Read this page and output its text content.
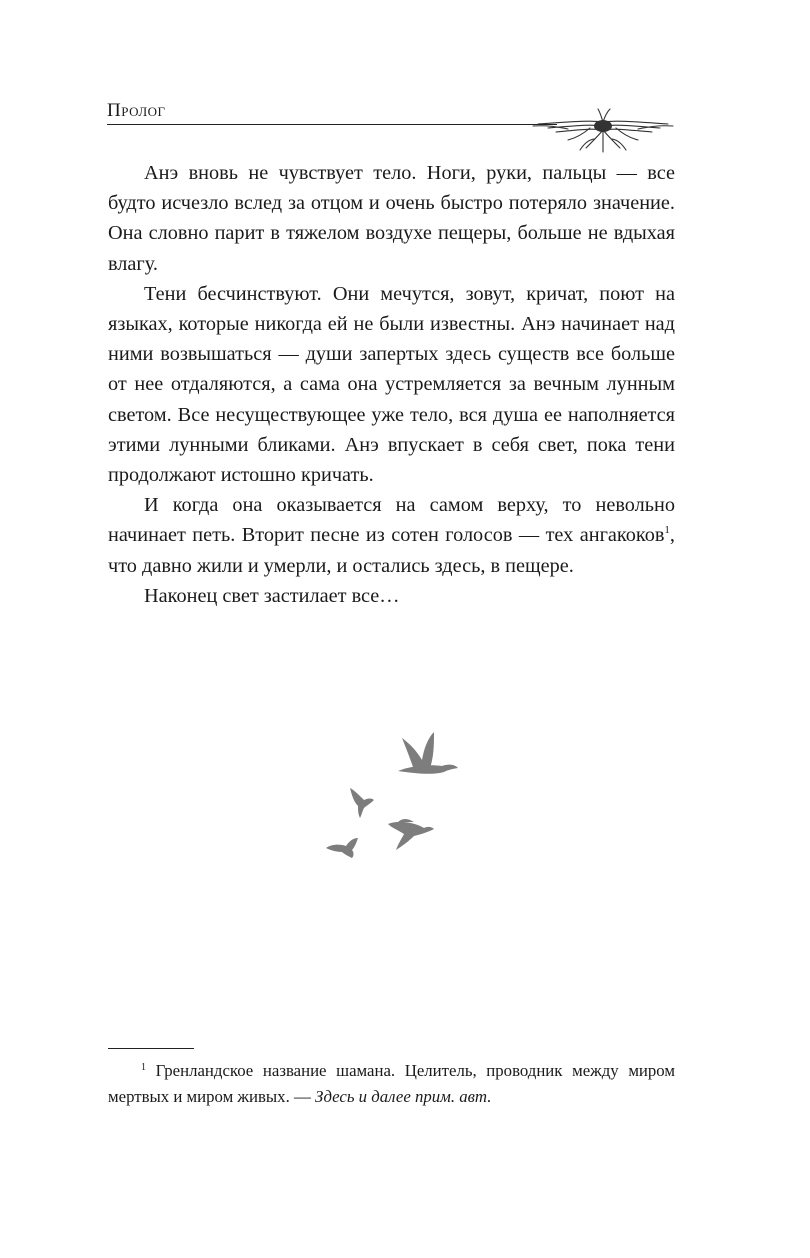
Пролог

Анэ вновь не чувствует тело. Ноги, руки, пальцы — все будто исчезло вслед за отцом и очень быстро потеряло значение. Она словно парит в тяжелом воздухе пещеры, больше не вдыхая влагу.

Тени бесчинствуют. Они мечутся, зовут, кричат, поют на языках, которые никогда ей не были известны. Анэ начинает над ними возвышаться — души запертых здесь существ все больше от нее отдаляются, а сама она устремляется за вечным лунным светом. Все несуществующее уже тело, вся душа ее наполняется этими лунными бликами. Анэ впускает в себя свет, пока тени продолжают истошно кричать.

И когда она оказывается на самом верху, то невольно начинает петь. Вторит песне из сотен голосов — тех ангакоков$^1$, что давно жили и умерли, и остались здесь, в пещере.

Наконец свет застилает все…

$^1$ Гренландское название шамана. Целитель, проводник между миром мертвых и миром живых. — Здесь и далее прим. авт.
